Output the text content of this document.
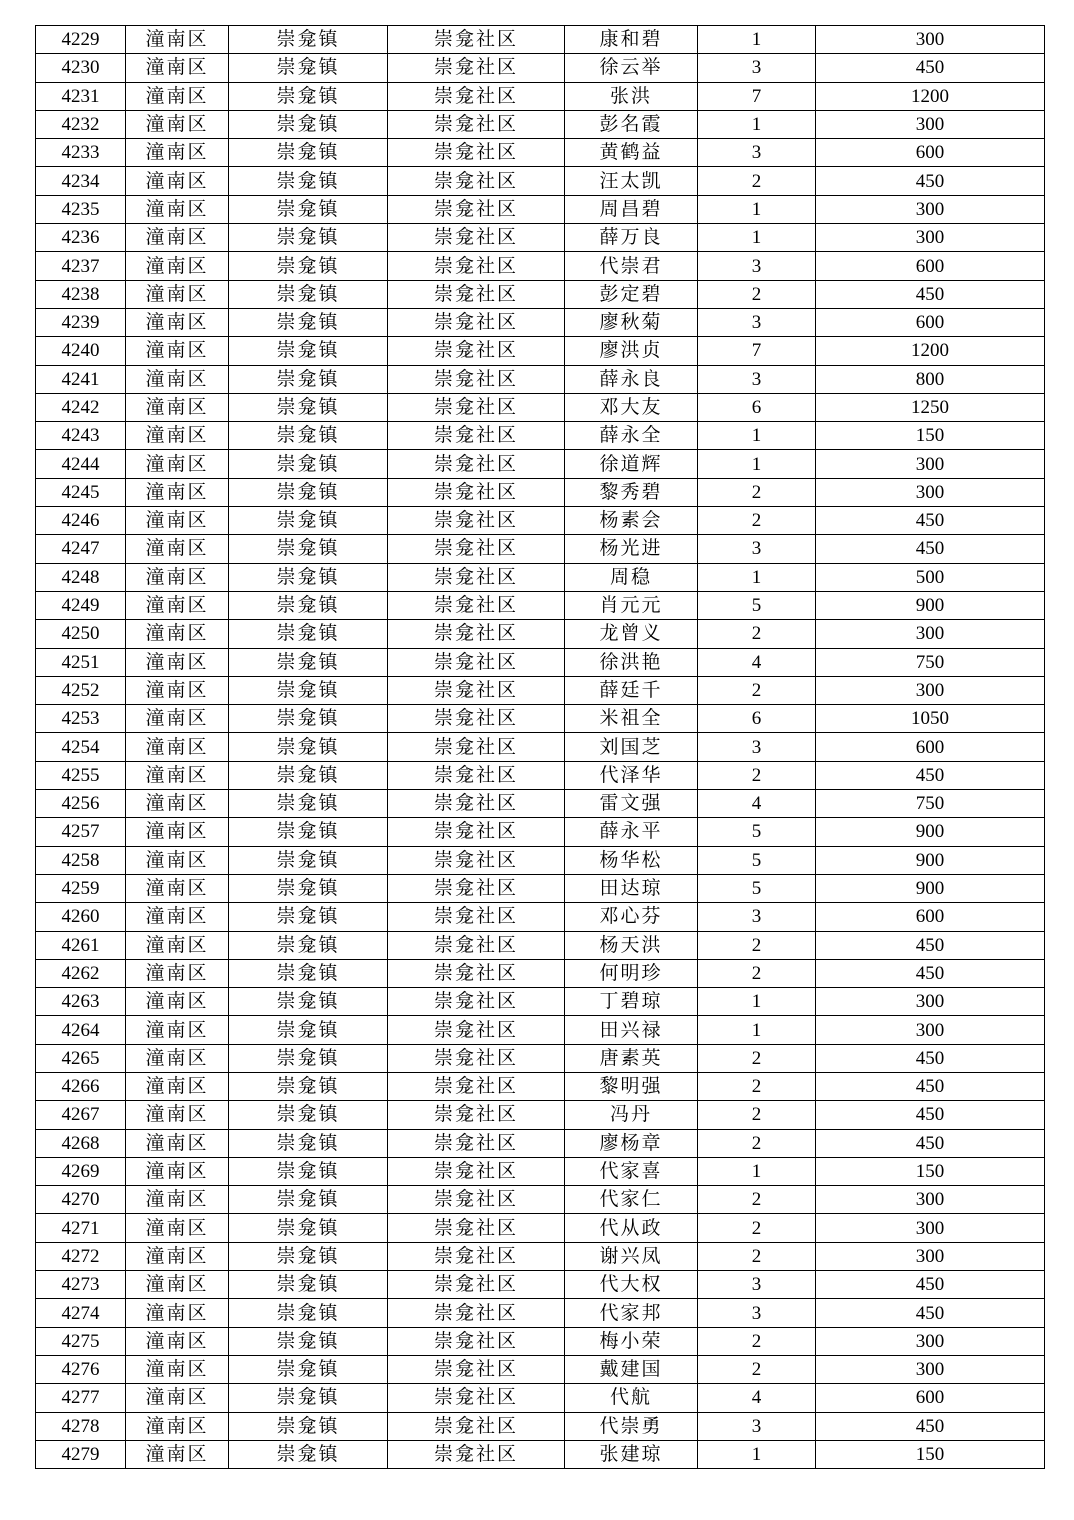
4229	潼南区	崇龛镇	崇龛社区	康和碧	1	300
4230	潼南区	崇龛镇	崇龛社区	徐云举	3	450
4231	潼南区	崇龛镇	崇龛社区	张洪	7	1200
4232	潼南区	崇龛镇	崇龛社区	彭名霞	1	300
4233	潼南区	崇龛镇	崇龛社区	黄鹤益	3	600
4234	潼南区	崇龛镇	崇龛社区	汪太凯	2	450
4235	潼南区	崇龛镇	崇龛社区	周昌碧	1	300
4236	潼南区	崇龛镇	崇龛社区	薛万良	1	300
4237	潼南区	崇龛镇	崇龛社区	代崇君	3	600
4238	潼南区	崇龛镇	崇龛社区	彭定碧	2	450
4239	潼南区	崇龛镇	崇龛社区	廖秋菊	3	600
4240	潼南区	崇龛镇	崇龛社区	廖洪贞	7	1200
4241	潼南区	崇龛镇	崇龛社区	薛永良	3	800
4242	潼南区	崇龛镇	崇龛社区	邓大友	6	1250
4243	潼南区	崇龛镇	崇龛社区	薛永全	1	150
4244	潼南区	崇龛镇	崇龛社区	徐道辉	1	300
4245	潼南区	崇龛镇	崇龛社区	黎秀碧	2	300
4246	潼南区	崇龛镇	崇龛社区	杨素会	2	450
4247	潼南区	崇龛镇	崇龛社区	杨光进	3	450
4248	潼南区	崇龛镇	崇龛社区	周稳	1	500
4249	潼南区	崇龛镇	崇龛社区	肖元元	5	900
4250	潼南区	崇龛镇	崇龛社区	龙曾义	2	300
4251	潼南区	崇龛镇	崇龛社区	徐洪艳	4	750
4252	潼南区	崇龛镇	崇龛社区	薛廷千	2	300
4253	潼南区	崇龛镇	崇龛社区	米祖全	6	1050
4254	潼南区	崇龛镇	崇龛社区	刘国芝	3	600
4255	潼南区	崇龛镇	崇龛社区	代泽华	2	450
4256	潼南区	崇龛镇	崇龛社区	雷文强	4	750
4257	潼南区	崇龛镇	崇龛社区	薛永平	5	900
4258	潼南区	崇龛镇	崇龛社区	杨华松	5	900
4259	潼南区	崇龛镇	崇龛社区	田达琼	5	900
4260	潼南区	崇龛镇	崇龛社区	邓心芬	3	600
4261	潼南区	崇龛镇	崇龛社区	杨天洪	2	450
4262	潼南区	崇龛镇	崇龛社区	何明珍	2	450
4263	潼南区	崇龛镇	崇龛社区	丁碧琼	1	300
4264	潼南区	崇龛镇	崇龛社区	田兴禄	1	300
4265	潼南区	崇龛镇	崇龛社区	唐素英	2	450
4266	潼南区	崇龛镇	崇龛社区	黎明强	2	450
4267	潼南区	崇龛镇	崇龛社区	冯丹	2	450
4268	潼南区	崇龛镇	崇龛社区	廖杨章	2	450
4269	潼南区	崇龛镇	崇龛社区	代家喜	1	150
4270	潼南区	崇龛镇	崇龛社区	代家仁	2	300
4271	潼南区	崇龛镇	崇龛社区	代从政	2	300
4272	潼南区	崇龛镇	崇龛社区	谢兴凤	2	300
4273	潼南区	崇龛镇	崇龛社区	代大权	3	450
4274	潼南区	崇龛镇	崇龛社区	代家邦	3	450
4275	潼南区	崇龛镇	崇龛社区	梅小荣	2	300
4276	潼南区	崇龛镇	崇龛社区	戴建国	2	300
4277	潼南区	崇龛镇	崇龛社区	代航	4	600
4278	潼南区	崇龛镇	崇龛社区	代崇勇	3	450
4279	潼南区	崇龛镇	崇龛社区	张建琼	1	150
